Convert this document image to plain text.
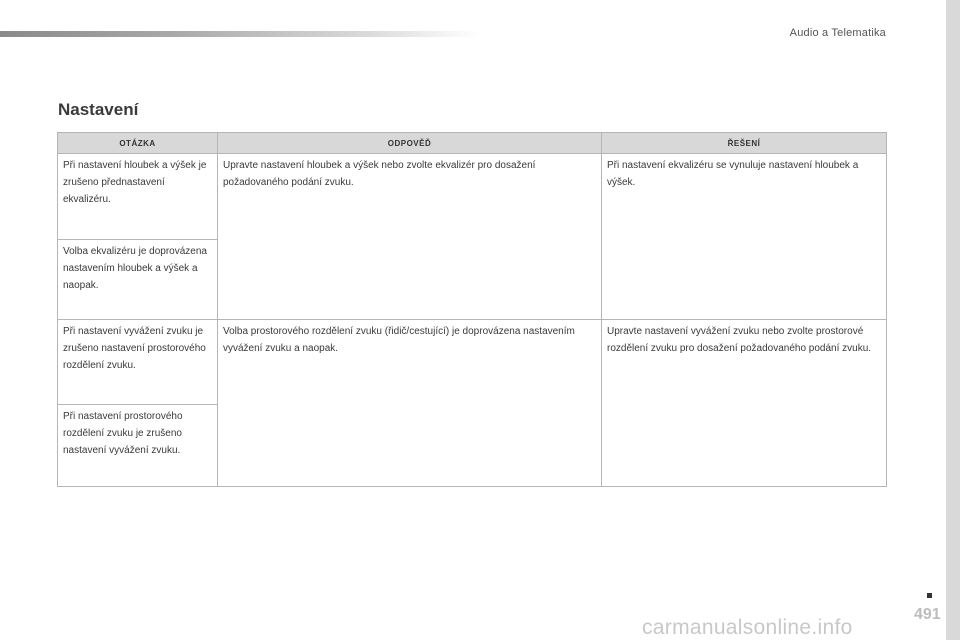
Audio a Telematika
Nastavení
OTÁZKA	ODPOVĚĎ	ŘEŠENÍ
Při nastavení hloubek a výšek je zrušeno přednastavení ekvalizéru.	Upravte nastavení hloubek a výšek nebo zvolte ekvalizér pro dosažení požadovaného podání zvuku.	Při nastavení ekvalizéru se vynuluje nastavení hloubek a výšek.
Volba ekvalizéru je doprovázena nastavením hloubek a výšek a naopak.		
Při nastavení vyvážení zvuku je zrušeno nastavení prostorového rozdělení zvuku.	Volba prostorového rozdělení zvuku (řidič/cestující) je doprovázena nastavením vyvážení zvuku a naopak.	Upravte nastavení vyvážení zvuku nebo zvolte prostorové rozdělení zvuku pro dosažení požadovaného podání zvuku.
Při nastavení prostorového rozdělení zvuku je zrušeno nastavení vyvážení zvuku.		
491
carmanualsonline.info
